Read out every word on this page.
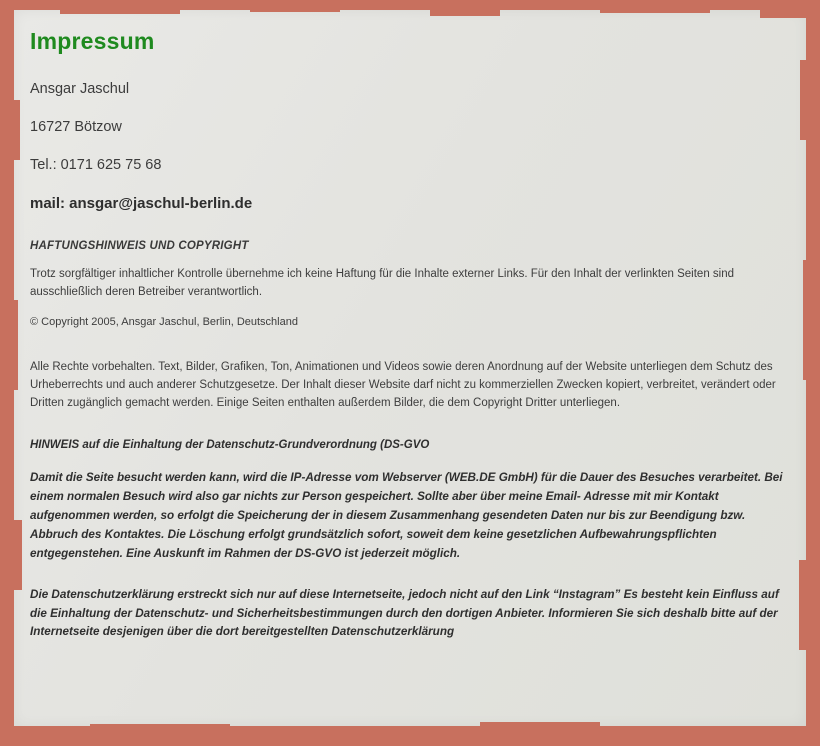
Impressum

Ansgar Jaschul

16727 Bötzow

Tel.: 0171 625 75 68

mail: ansgar@jaschul-berlin.de

HAFTUNGSHINWEIS UND COPYRIGHT

Trotz sorgfältiger inhaltlicher Kontrolle übernehme ich keine Haftung für die Inhalte externer Links. Für den Inhalt der verlinkten Seiten sind ausschließlich deren Betreiber verantwortlich.

© Copyright 2005, Ansgar Jaschul, Berlin, Deutschland

Alle Rechte vorbehalten. Text, Bilder, Grafiken, Ton, Animationen und Videos sowie deren Anordnung auf der Website unterliegen dem Schutz des Urheberrechts und auch anderer Schutzgesetze. Der Inhalt dieser Website darf nicht zu kommerziellen Zwecken kopiert, verbreitet, verändert oder Dritten zugänglich gemacht werden. Einige Seiten enthalten außerdem Bilder, die dem Copyright Dritter unterliegen.

HINWEIS auf die Einhaltung der Datenschutz-Grundverordnung (DS-GVO

Damit die Seite besucht werden kann, wird die IP-Adresse vom Webserver (WEB.DE GmbH) für die Dauer des Besuches verarbeitet. Bei einem normalen Besuch wird also gar nichts zur Person gespeichert. Sollte aber über meine Email- Adresse mit mir Kontakt aufgenommen werden, so erfolgt die Speicherung der in diesem Zusammenhang gesendeten Daten nur bis zur Beendigung bzw. Abbruch des Kontaktes. Die Löschung erfolgt grundsätzlich sofort, soweit dem keine gesetzlichen Aufbewahrungspflichten entgegenstehen. Eine Auskunft im Rahmen der DS-GVO ist jederzeit möglich.

Die Datenschutzerklärung erstreckt sich nur auf diese Internetseite, jedoch nicht auf den Link “Instagram” Es besteht kein Einfluss auf die Einhaltung der Datenschutz- und Sicherheitsbestimmungen durch den dortigen Anbieter. Informieren Sie sich deshalb bitte auf der Internetseite desjenigen über die dort bereitgestellten Datenschutzerklärung
